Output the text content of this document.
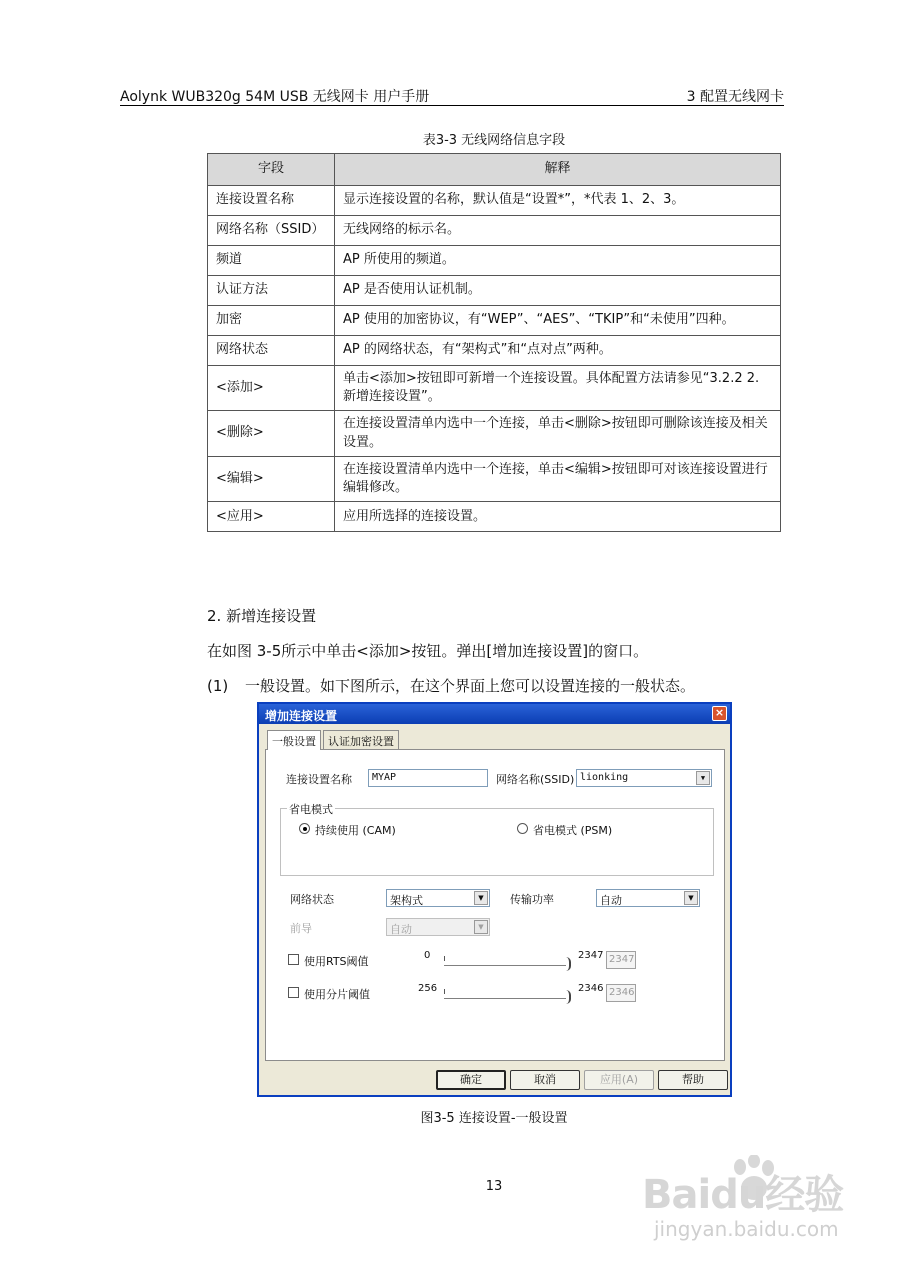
Aolynk WUB320g 54M USB 无线网卡 用户手册	3 配置无线网卡
表3-3 无线网络信息字段
字段	解释
连接设置名称	显示连接设置的名称，默认值是“设置*”，*代表 1、2、3。
网络名称（SSID）	无线网络的标示名。
频道	AP 所使用的频道。
认证方法	AP 是否使用认证机制。
加密	AP 使用的加密协议，有“WEP”、“AES”、“TKIP”和“未使用”四种。
网络状态	AP 的网络状态，有“架构式”和“点对点”两种。
<添加>	单击<添加>按钮即可新增一个连接设置。具体配置方法请参见“3.2.2 2. 新增连接设置”。
<删除>	在连接设置清单内选中一个连接，单击<删除>按钮即可删除该连接及相关设置。
<编辑>	在连接设置清单内选中一个连接，单击<编辑>按钮即可对该连接设置进行编辑修改。
<应用>	应用所选择的连接设置。
2. 新增连接设置
在如图 3-5所示中单击<添加>按钮。弹出[增加连接设置]的窗口。
(1) 一般设置。如下图所示，在这个界面上您可以设置连接的一般状态。
增加连接设置	×
一般设置	认证加密设置
连接设置名称	MYAP	网络名称(SSID) lionking	▼
省电模式
持续使用 (CAM)	省电模式 (PSM)
网络状态	架构式	▼	传输功率	自动	▼
前导	自动	▼
使用RTS阈值	0	2347 2347
使用分片阈值	256	2346 2346
确定	取消	应用(A)	帮助
图3-5 连接设置-一般设置
13	Baidu经验
jingyan.baidu.com
